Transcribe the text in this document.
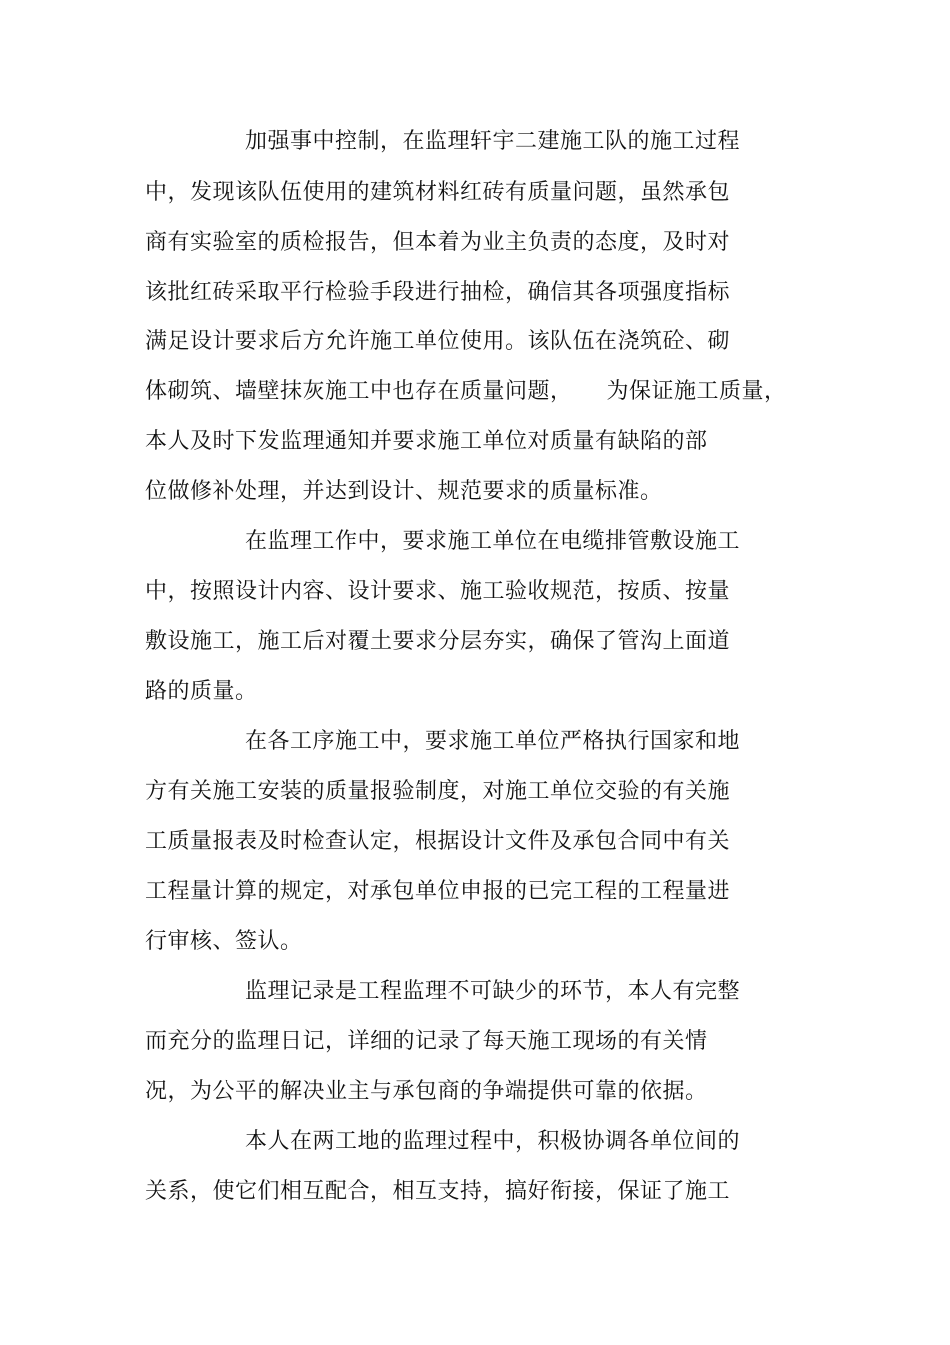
加强事中控制，在监理轩宇二建施工队的施工过程
中，发现该队伍使用的建筑材料红砖有质量问题，虽然承包
商有实验室的质检报告，但本着为业主负责的态度，及时对
该批红砖采取平行检验手段进行抽检，确信其各项强度指标
满足设计要求后方允许施工单位使用。该队伍在浇筑砼、砌
体砌筑、墙壁抹灰施工中也存在质量问题，　　为保证施工质量，
本人及时下发监理通知并要求施工单位对质量有缺陷的部
位做修补处理，并达到设计、规范要求的质量标准。
在监理工作中，要求施工单位在电缆排管敷设施工
中，按照设计内容、设计要求、施工验收规范，按质、按量
敷设施工，施工后对覆土要求分层夯实，确保了管沟上面道
路的质量。
在各工序施工中，要求施工单位严格执行国家和地
方有关施工安装的质量报验制度，对施工单位交验的有关施
工质量报表及时检查认定，根据设计文件及承包合同中有关
工程量计算的规定，对承包单位申报的已完工程的工程量进
行审核、签认。
监理记录是工程监理不可缺少的环节，本人有完整
而充分的监理日记，详细的记录了每天施工现场的有关情
况，为公平的解决业主与承包商的争端提供可靠的依据。
本人在两工地的监理过程中，积极协调各单位间的
关系，使它们相互配合，相互支持，搞好衔接，保证了施工
